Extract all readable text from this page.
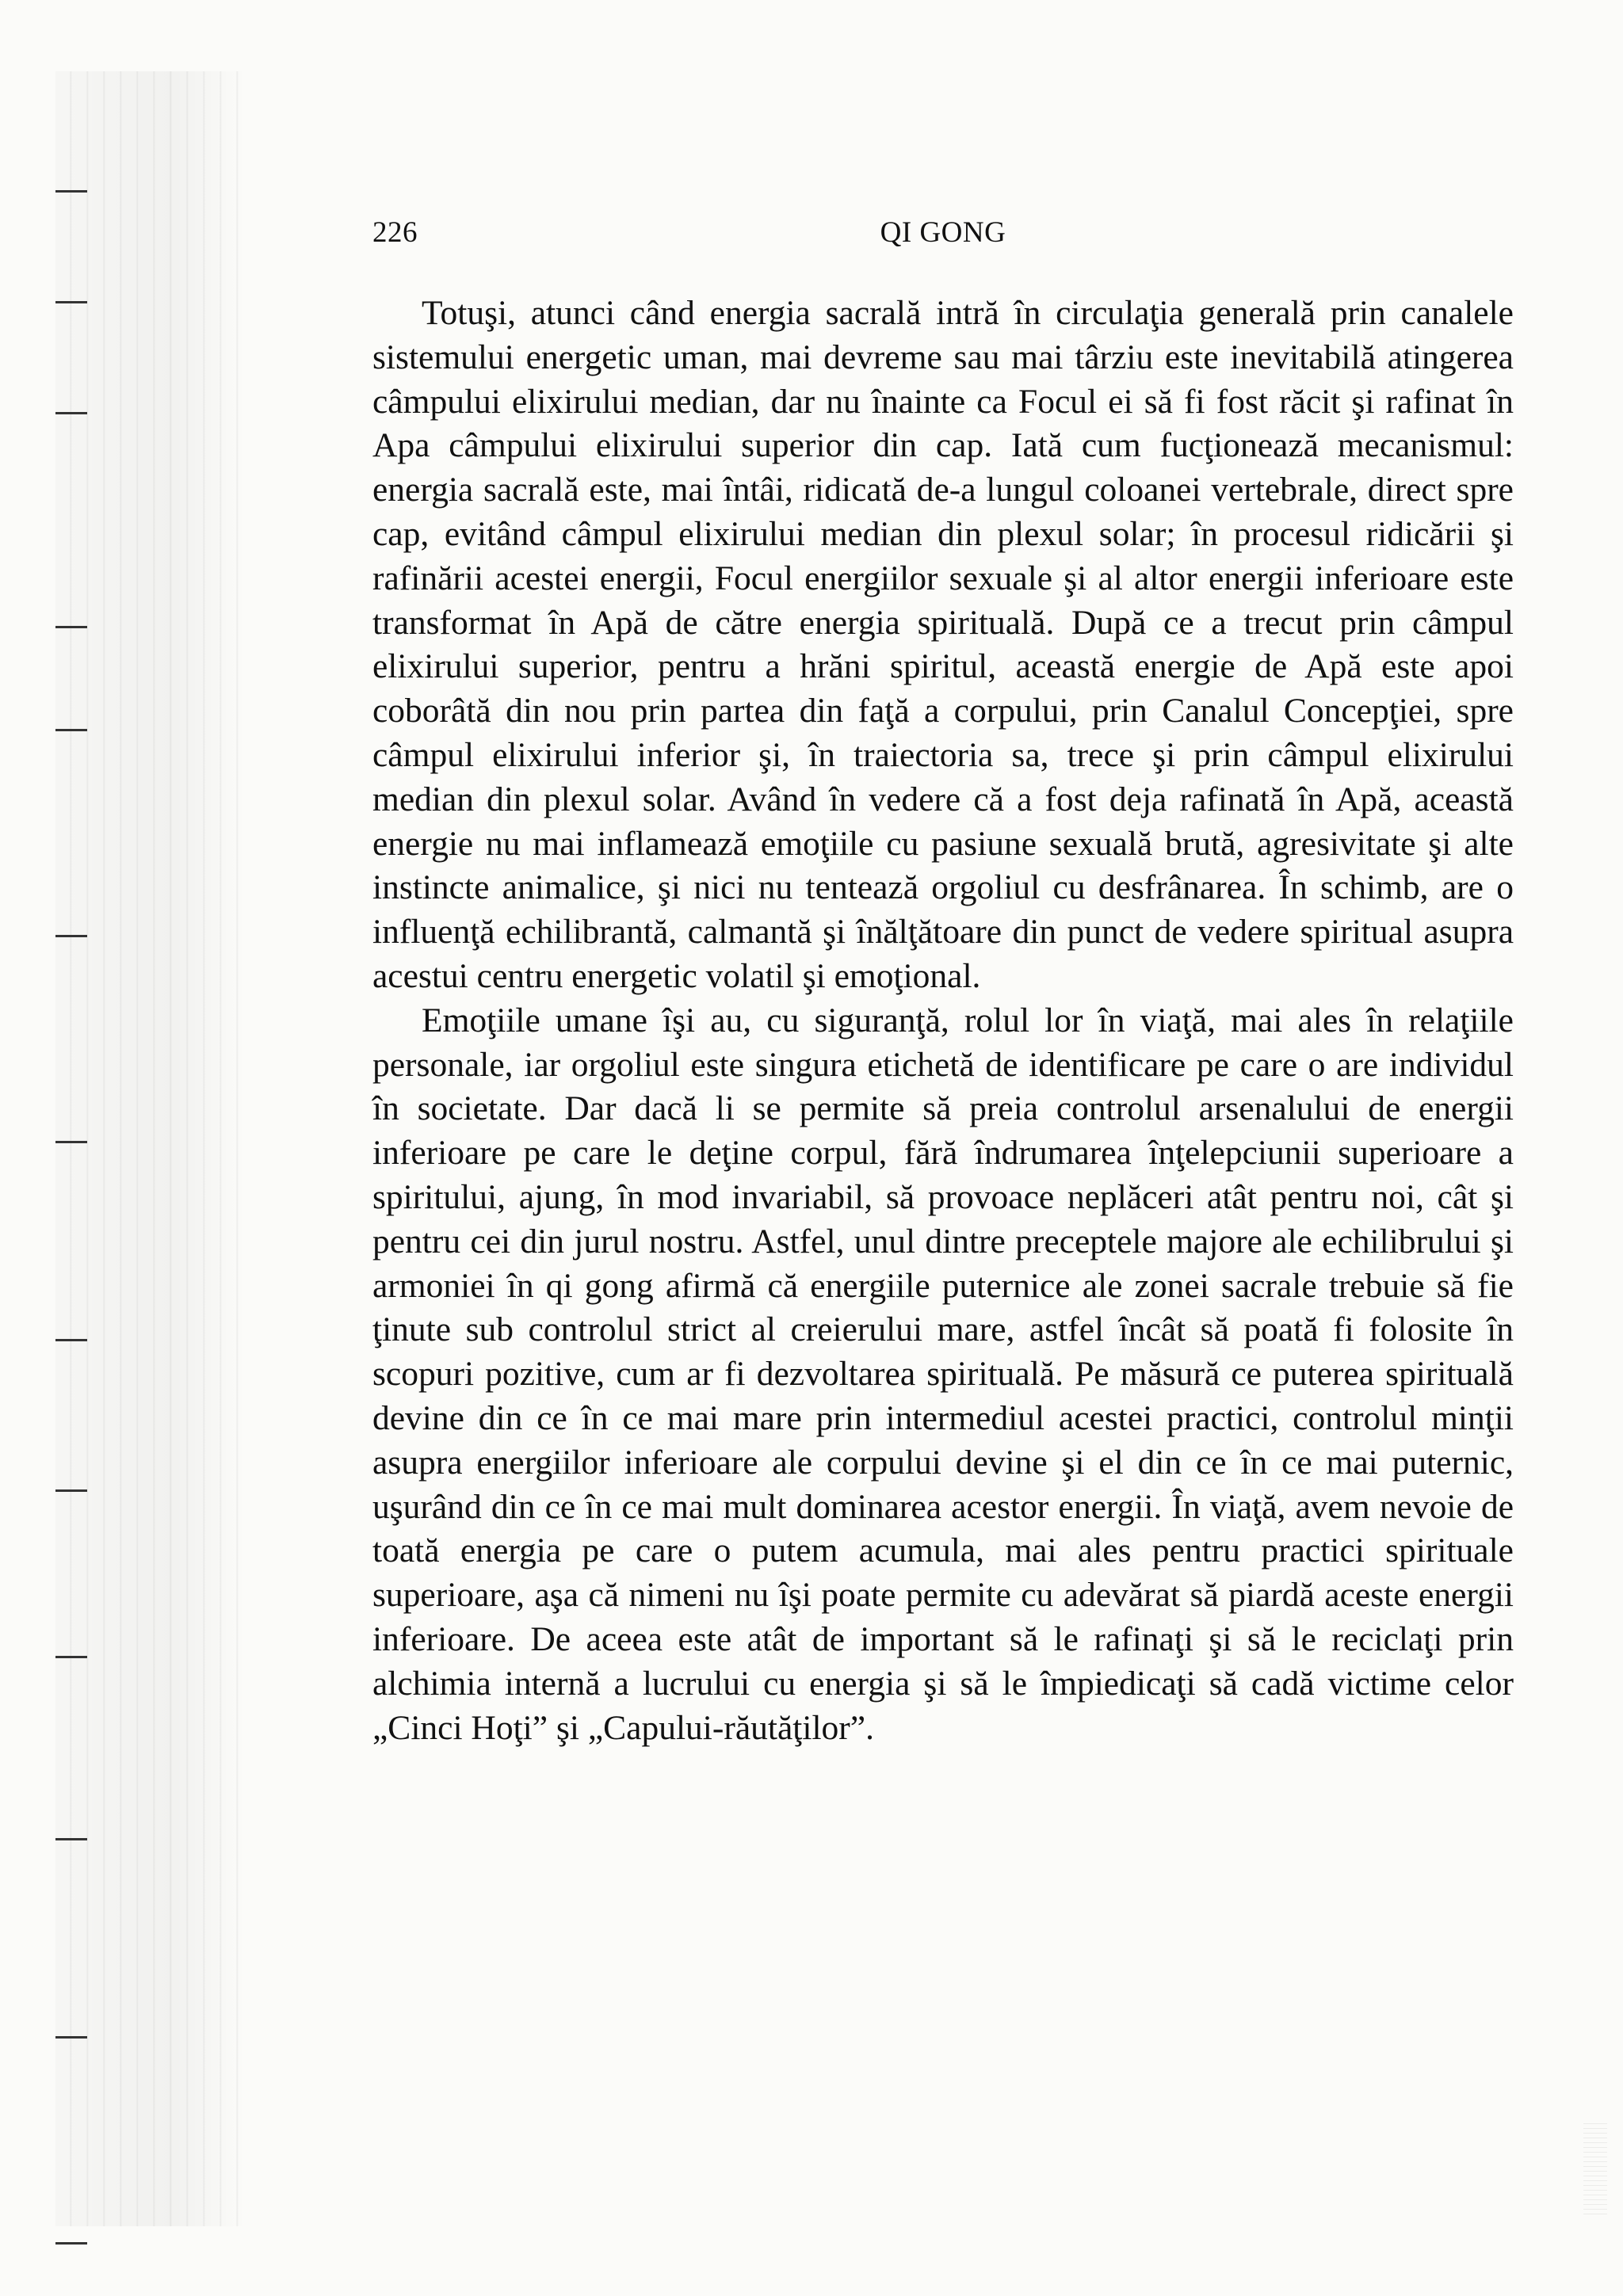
226	QI GONG

Totuşi, atunci când energia sacrală intră în circulaţia generală prin canalele sistemului energetic uman, mai devreme sau mai târziu este inevitabilă atingerea câmpului elixirului median, dar nu înainte ca Focul ei să fi fost răcit şi rafinat în Apa câmpului elixirului superior din cap. Iată cum fucţionează mecanismul: energia sacrală este, mai întâi, ridicată de-a lungul coloanei vertebrale, direct spre cap, evitând câmpul elixirului median din plexul solar; în procesul ridicării şi rafinării acestei energii, Focul energiilor sexuale şi al altor energii inferioare este transformat în Apă de către energia spirituală. După ce a trecut prin câmpul elixirului superior, pentru a hrăni spiritul, această energie de Apă este apoi coborâtă din nou prin partea din faţă a corpului, prin Canalul Concepţiei, spre câmpul elixirului inferior şi, în traiectoria sa, trece şi prin câmpul elixirului median din plexul solar. Având în vedere că a fost deja rafinată în Apă, această energie nu mai inflamează emoţiile cu pasiune sexuală brută, agresivitate şi alte instincte animalice, şi nici nu tentează orgoliul cu desfrânarea. În schimb, are o influenţă echilibrantă, calmantă şi înălţătoare din punct de vedere spiritual asupra acestui centru energetic volatil şi emoţional.

Emoţiile umane îşi au, cu siguranţă, rolul lor în viaţă, mai ales în relaţiile personale, iar orgoliul este singura etichetă de identificare pe care o are individul în societate. Dar dacă li se permite să preia controlul arsenalului de energii inferioare pe care le deţine corpul, fără îndrumarea înţelepciunii superioare a spiritului, ajung, în mod invariabil, să provoace neplăceri atât pentru noi, cât şi pentru cei din jurul nostru. Astfel, unul dintre preceptele majore ale echilibrului şi armoniei în qi gong afirmă că energiile puternice ale zonei sacrale trebuie să fie ţinute sub controlul strict al creierului mare, astfel încât să poată fi folosite în scopuri pozitive, cum ar fi dezvoltarea spirituală. Pe măsură ce puterea spirituală devine din ce în ce mai mare prin intermediul acestei practici, controlul minţii asupra energiilor inferioare ale corpului devine şi el din ce în ce mai puternic, uşurând din ce în ce mai mult dominarea acestor energii. În viaţă, avem nevoie de toată energia pe care o putem acumula, mai ales pentru practici spirituale superioare, aşa că nimeni nu îşi poate permite cu adevărat să piardă aceste energii inferioare. De aceea este atât de important să le rafinaţi şi să le reciclaţi prin alchimia internă a lucrului cu energia şi să le împiedicaţi să cadă victime celor „Cinci Hoţi” şi „Capului-răutăţilor”.
